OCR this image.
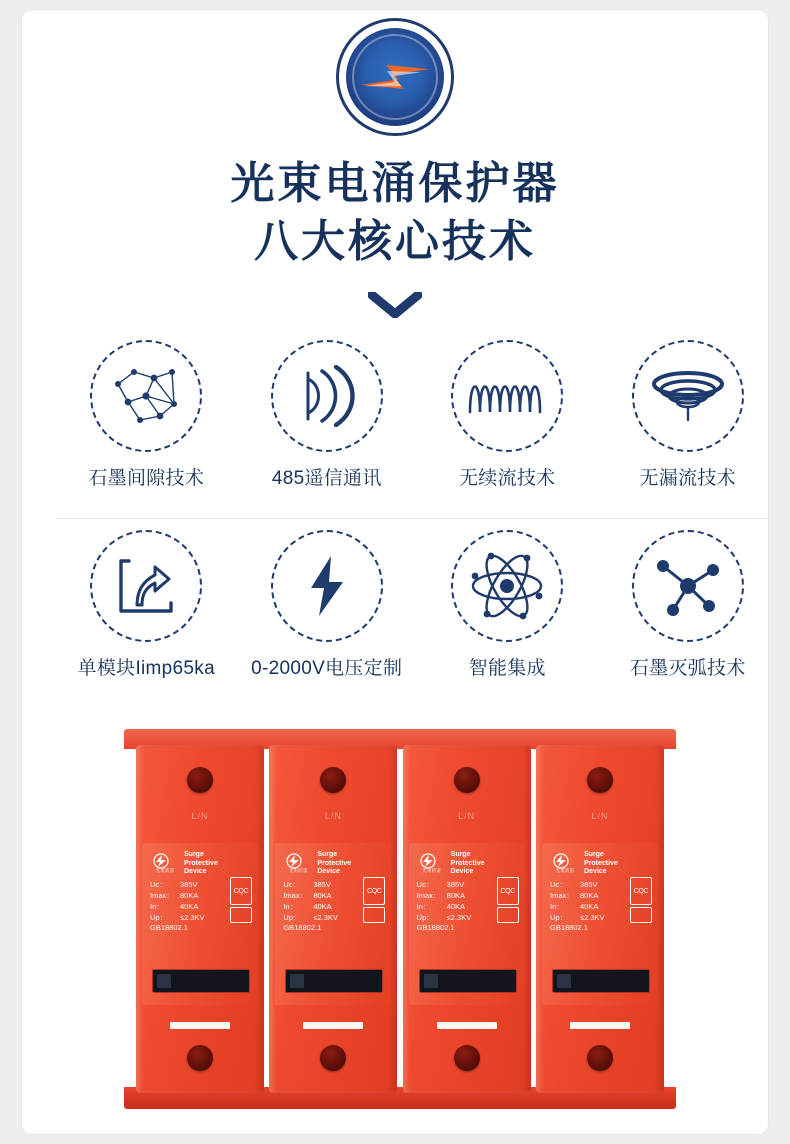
光束电涌保护器
八大核心技术
石墨间隙技术	485遥信通讯	无续流技术	无漏流技术
单模块Iimp65ka	0-2000V电压定制	智能集成	石墨灭弧技术
L/N
光束防雷
Surge
Protective
Device
Uc：	385V
Imax： 80KA
In：	40KA
Up：	≤2.3KV
GB18802.1
CQC
L/N
光束防雷
Surge
Protective
Device
Uc：	385V
Imax： 80KA
In：	40KA
Up：	≤2.3KV
GB18802.1
CQC
L/N
光束防雷
Surge
Protective
Device
Uc：	385V
Imax： 80KA
In：	40KA
Up：	≤2.3KV
GB18802.1
CQC
L/N
光束防雷
Surge
Protective
Device
Uc：	385V
Imax： 80KA
In：	40KA
Up：	≤2.3KV
GB18802.1
CQC
